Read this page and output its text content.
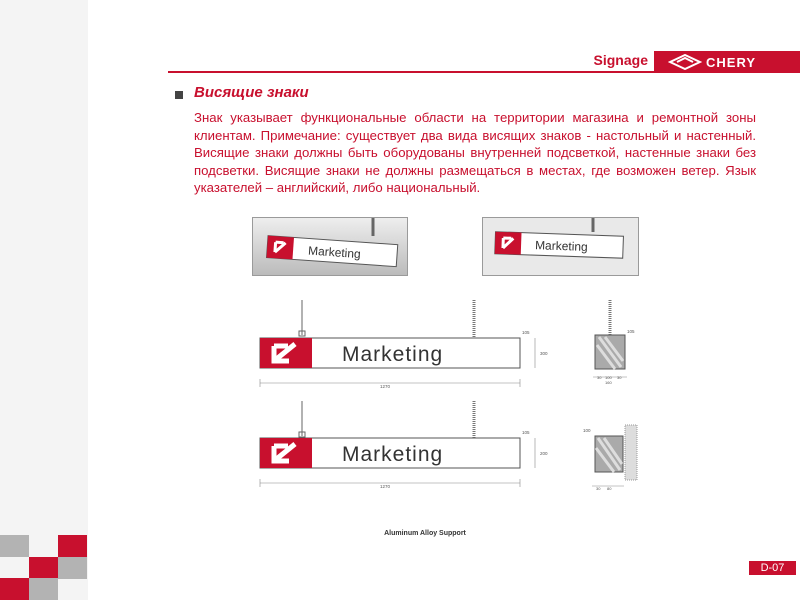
Signage	CHERY
Висящие знаки
Знак указывает функциональные области на территории магазина и ремонтной зоны клиентам. Примечание: существует два вида висящих знаков - настольный и настенный. Висящие знаки должны быть оборудованы внутренней подсветкой, настенные знаки без подсветки. Висящие знаки не должны размещаться в местах, где возможен ветер. Язык указателей – английский, либо национальный.
Marketing	Marketing
Marketing
1270
300
105	105
30 100 30
160
Marketing
1270
200
105	100
30 80
Aluminum Alloy Support
D-07
